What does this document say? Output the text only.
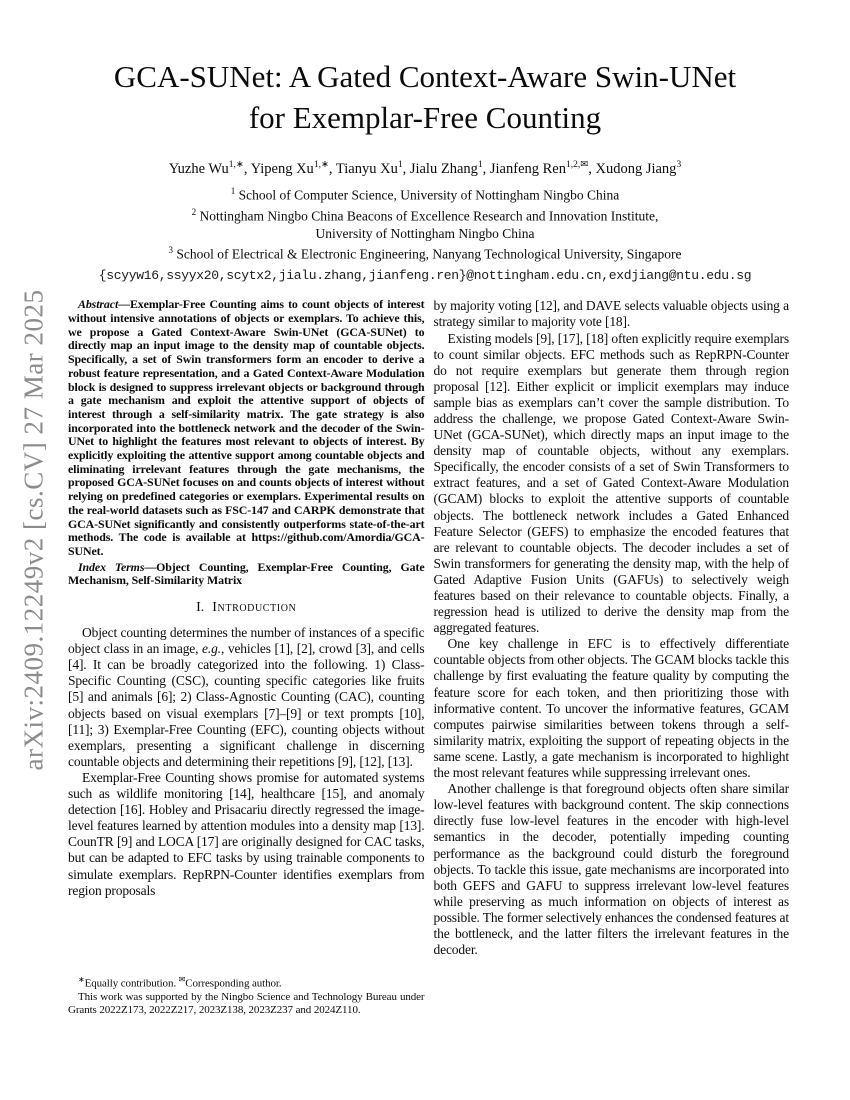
arXiv:2409.12249v2 [cs.CV] 27 Mar 2025
GCA-SUNet: A Gated Context-Aware Swin-UNet
for Exemplar-Free Counting
Yuzhe $Wu^{1,∗}$, Yipeng $Xu^{1,∗}$, Tianyu Xu$^1$, Jialu Zhang$^1$, Jianfeng Ren$^{1,2,✉}$, Xudong Jiang$^3$
$^1$ School of Computer Science, University of Nottingham Ningbo China
$^2$ Nottingham Ningbo China Beacons of Excellence Research and Innovation Institute,
University of Nottingham Ningbo China
$^3$ School of Electrical & Electronic Engineering, Nanyang Technological University, Singapore
{scyyw16,ssyyx20,scytx2,jialu.zhang,jianfeng.ren}@nottingham.edu.cn,exdjiang@ntu.edu.sg

Abstract—Exemplar-Free Counting aims to count objects of interest without intensive annotations of objects or exemplars. To achieve this, we propose a Gated Context-Aware Swin-UNet (GCA-SUNet) to directly map an input image to the density map of countable objects. Specifically, a set of Swin transformers form an encoder to derive a robust feature representation, and a Gated Context-Aware Modulation block is designed to suppress irrelevant objects or background through a gate mechanism and exploit the attentive support of objects of interest through a self-similarity matrix. The gate strategy is also incorporated into the bottleneck network and the decoder of the Swin-UNet to highlight the features most relevant to objects of interest. By explicitly exploiting the attentive support among countable objects and eliminating irrelevant features through the gate mechanisms, the proposed GCA-SUNet focuses on and counts objects of interest without relying on predefined categories or exemplars. Experimental results on the real-world datasets such as FSC-147 and CARPK demonstrate that GCA-SUNet significantly and consistently outperforms state-of-the-art methods. The code is available at https://github.com/Amordia/GCA-SUNet.

Index Terms—Object Counting, Exemplar-Free Counting, Gate Mechanism, Self-Similarity Matrix

I. Introduction

Object counting determines the number of instances of a specific object class in an image, e.g., vehicles [1], [2], crowd [3], and cells [4]. It can be broadly categorized into the following. 1) Class-Specific Counting (CSC), counting specific categories like fruits [5] and animals [6]; 2) Class-Agnostic Counting (CAC), counting objects based on visual exemplars [7]–[9] or text prompts [10], [11]; 3) Exemplar-Free Counting (EFC), counting objects without exemplars, presenting a significant challenge in discerning countable objects and determining their repetitions [9], [12], [13].

Exemplar-Free Counting shows promise for automated systems such as wildlife monitoring [14], healthcare [15], and anomaly detection [16]. Hobley and Prisacariu directly regressed the image-level features learned by attention modules into a density map [13]. CounTR [9] and LOCA [17] are originally designed for CAC tasks, but can be adapted to EFC tasks by using trainable components to simulate exemplars. RepRPN-Counter identifies exemplars from region proposals

∗Equally contribution. ✉Corresponding author.

This work was supported by the Ningbo Science and Technology Bureau under Grants 2022Z173, 2022Z217, 2023Z138, 2023Z237 and 2024Z110.

by majority voting [12], and DAVE selects valuable objects using a strategy similar to majority vote [18].

Existing models [9], [17], [18] often explicitly require exemplars to count similar objects. EFC methods such as RepRPN-Counter do not require exemplars but generate them through region proposal [12]. Either explicit or implicit exemplars may induce sample bias as exemplars can’t cover the sample distribution. To address the challenge, we propose Gated Context-Aware Swin-UNet (GCA-SUNet), which directly maps an input image to the density map of countable objects, without any exemplars. Specifically, the encoder consists of a set of Swin Transformers to extract features, and a set of Gated Context-Aware Modulation (GCAM) blocks to exploit the attentive supports of countable objects. The bottleneck network includes a Gated Enhanced Feature Selector (GEFS) to emphasize the encoded features that are relevant to countable objects. The decoder includes a set of Swin transformers for generating the density map, with the help of Gated Adaptive Fusion Units (GAFUs) to selectively weigh features based on their relevance to countable objects. Finally, a regression head is utilized to derive the density map from the aggregated features.

One key challenge in EFC is to effectively differentiate countable objects from other objects. The GCAM blocks tackle this challenge by first evaluating the feature quality by computing the feature score for each token, and then prioritizing those with informative content. To uncover the informative features, GCAM computes pairwise similarities between tokens through a self-similarity matrix, exploiting the support of repeating objects in the same scene. Lastly, a gate mechanism is incorporated to highlight the most relevant features while suppressing irrelevant ones.

Another challenge is that foreground objects often share similar low-level features with background content. The skip connections directly fuse low-level features in the encoder with high-level semantics in the decoder, potentially impeding counting performance as the background could disturb the foreground objects. To tackle this issue, gate mechanisms are incorporated into both GEFS and GAFU to suppress irrelevant low-level features while preserving as much information on objects of interest as possible. The former selectively enhances the condensed features at the bottleneck, and the latter filters the irrelevant features in the decoder.
